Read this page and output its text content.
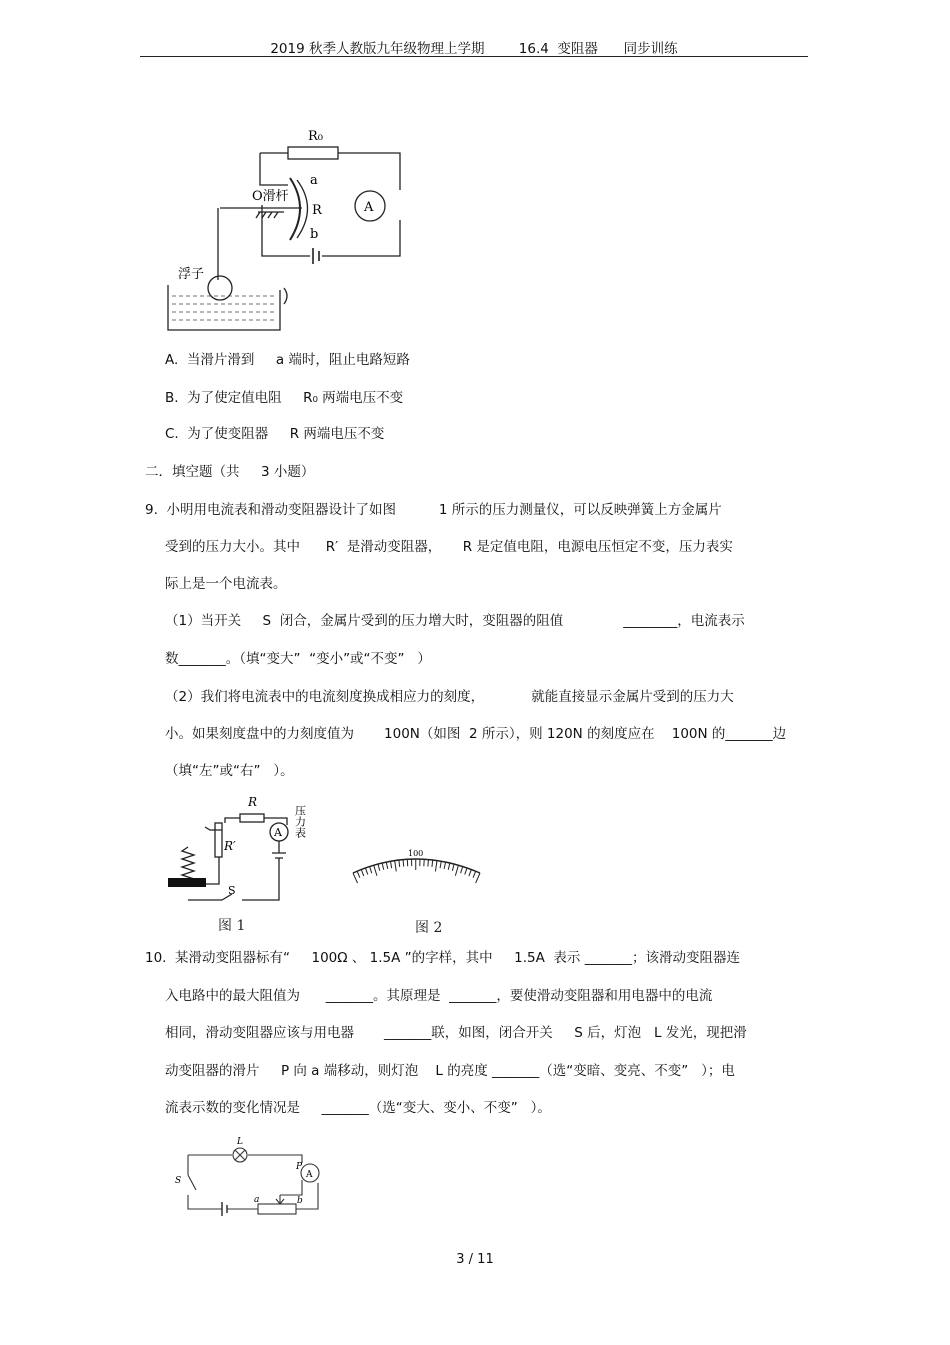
2019 秋季人教版九年级物理上学期        16.4  变阻器      同步训练
R₀
a
R
b
O滑杆
浮子
A
A.  当滑片滑到     a 端时，阻止电路短路
B.  为了使定值电阻     R₀ 两端电压不变
C.  为了使变阻器     R 两端电压不变
二．填空题（共     3 小题）
9.  小明用电流表和滑动变阻器设计了如图          1 所示的压力测量仪，可以反映弹簧上方金属片
受到的压力大小。其中      R′  是滑动变阻器，     R 是定值电阻，电源电压恒定不变，压力表实
际上是一个电流表。
（1）当开关     S  闭合，金属片受到的压力增大时，变阻器的阻值              ________，电流表示
数_______。（填“变大”  “变小”或“不变”   ）
（2）我们将电流表中的电流刻度换成相应力的刻度，           就能直接显示金属片受到的压力大
小。如果刻度盘中的力刻度值为       100N（如图  2 所示），则 120N 的刻度应在    100N 的_______边
（填“左”或“右”   ）。
R
R′
A
S
压力表
图 1
100
图 2
10.  某滑动变阻器标有“     100Ω 、 1.5A ”的字样，其中     1.5A  表示 _______；该滑动变阻器连
入电路中的最大阻值为      _______。其原理是  _______，要使滑动变阻器和用电器中的电流
相同，滑动变阻器应该与用电器       _______联，如图，闭合开关     S 后，灯泡   L 发光，现把滑
动变阻器的滑片     P 向 a 端移动，则灯泡    L 的亮度 _______（选“变暗、变亮、不变”   ）；电
流表示数的变化情况是     _______（选“变大、变小、不变”   ）。
L
S
P
a	b
A
3 / 11
